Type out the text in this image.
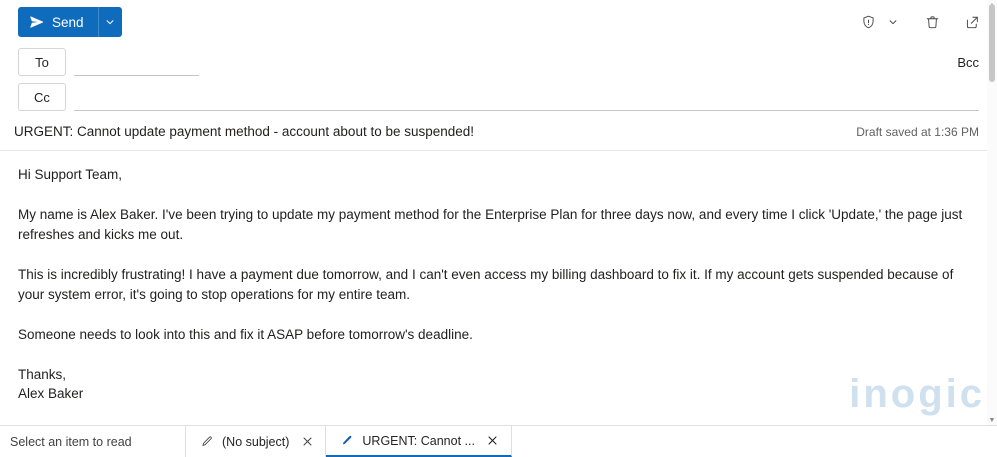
Send
To	Bcc
Cc
URGENT: Cannot update payment method - account about to be suspended!	Draft saved at 1:36 PM

Hi Support Team,

My name is Alex Baker. I've been trying to update my payment method for the Enterprise Plan for three days now, and every time I click 'Update,' the page just refreshes and kicks me out.

This is incredibly frustrating! I have a payment due tomorrow, and I can't even access my billing dashboard to fix it. If my account gets suspended because of your system error, it's going to stop operations for my entire team.

Someone needs to look into this and fix it ASAP before tomorrow's deadline.

Thanks,

Alex Baker	inogic
▼
Select an item to read	(No subject)	URGENT: Cannot ...
